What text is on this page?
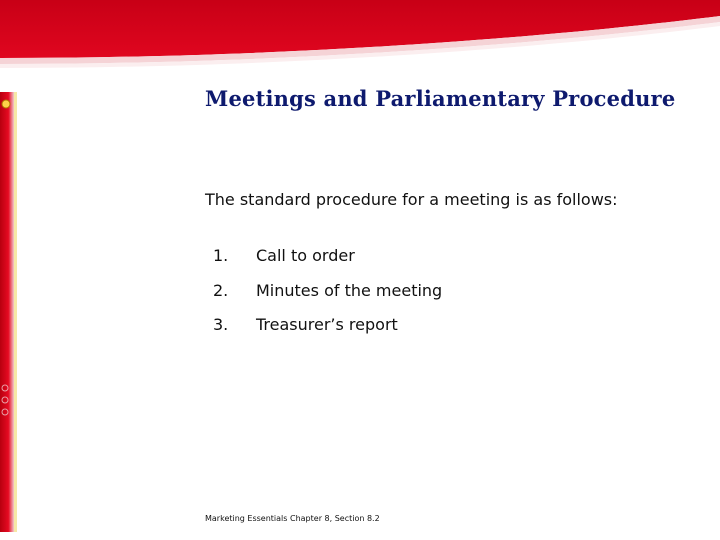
Meetings and Parliamentary Procedure
The standard procedure for a meeting is as follows:
1. Call to order
2. Minutes of the meeting
3. Treasurer’s report
Marketing Essentials Chapter 8, Section 8.2
